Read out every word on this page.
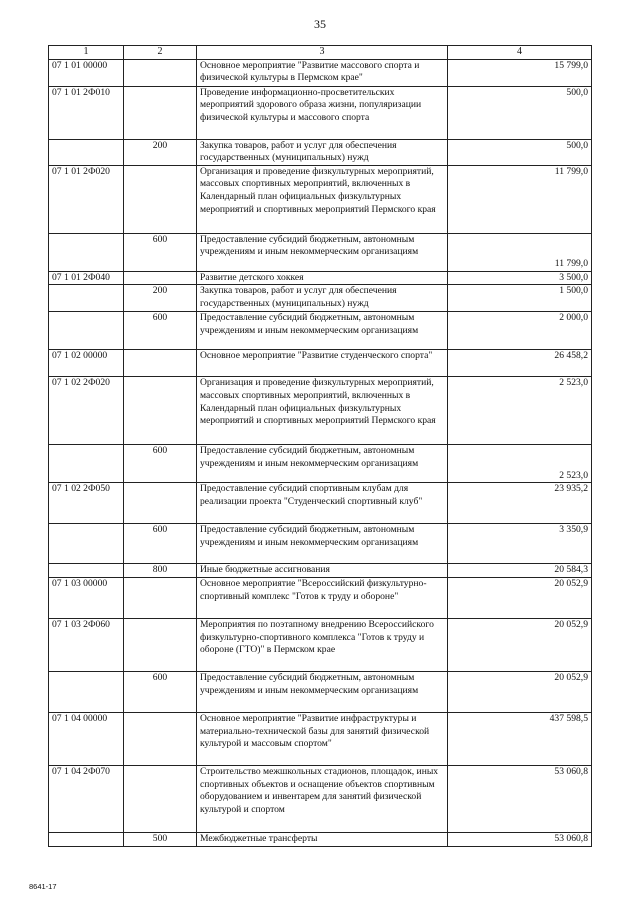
35
1	2	3	4
07 1 01 00000		Основное мероприятие "Развитие массового спорта и физической культуры в Пермском крае"	15 799,0
07 1 01 2Ф010		Проведение информационно-просветительских мероприятий здорового образа жизни, популяризации физической культуры и массового спорта	500,0
	200	Закупка товаров, работ и услуг для обеспечения государственных (муниципальных) нужд	500,0
07 1 01 2Ф020		Организация и проведение физкультурных мероприятий, массовых спортивных мероприятий, включенных в Календарный план официальных физкультурных мероприятий и спортивных мероприятий Пермского края	11 799,0
	600	Предоставление субсидий бюджетным, автономным учреждениям и иным некоммерческим организациям	11 799,0
07 1 01 2Ф040		Развитие детского хоккея	3 500,0
	200	Закупка товаров, работ и услуг для обеспечения государственных (муниципальных) нужд	1 500,0
	600	Предоставление субсидий бюджетным, автономным учреждениям и иным некоммерческим организациям	2 000,0
07 1 02 00000		Основное мероприятие "Развитие студенческого спорта"	26 458,2
07 1 02 2Ф020		Организация и проведение физкультурных мероприятий, массовых спортивных мероприятий, включенных в Календарный план официальных физкультурных мероприятий и спортивных мероприятий Пермского края	2 523,0
	600	Предоставление субсидий бюджетным, автономным учреждениям и иным некоммерческим организациям	2 523,0
07 1 02 2Ф050		Предоставление субсидий спортивным клубам для реализации проекта "Студенческий спортивный клуб"	23 935,2
	600	Предоставление субсидий бюджетным, автономным учреждениям и иным некоммерческим организациям	3 350,9
	800	Иные бюджетные ассигнования	20 584,3
07 1 03 00000		Основное мероприятие "Всероссийский физкультурно-спортивный комплекс "Готов к труду и обороне"	20 052,9
07 1 03 2Ф060		Мероприятия по поэтапному внедрению Всероссийского физкультурно-спортивного комплекса "Готов к труду и обороне (ГТО)" в Пермском крае	20 052,9
	600	Предоставление субсидий бюджетным, автономным учреждениям и иным некоммерческим организациям	20 052,9
07 1 04 00000		Основное мероприятие "Развитие инфраструктуры и материально-технической базы для занятий физической культурой и массовым спортом"	437 598,5
07 1 04 2Ф070		Строительство межшкольных стадионов, площадок, иных спортивных объектов и оснащение объектов спортивным оборудованием и инвентарем для занятий физической культурой и спортом	53 060,8
	500	Межбюджетные трансферты	53 060,8
8641-17
